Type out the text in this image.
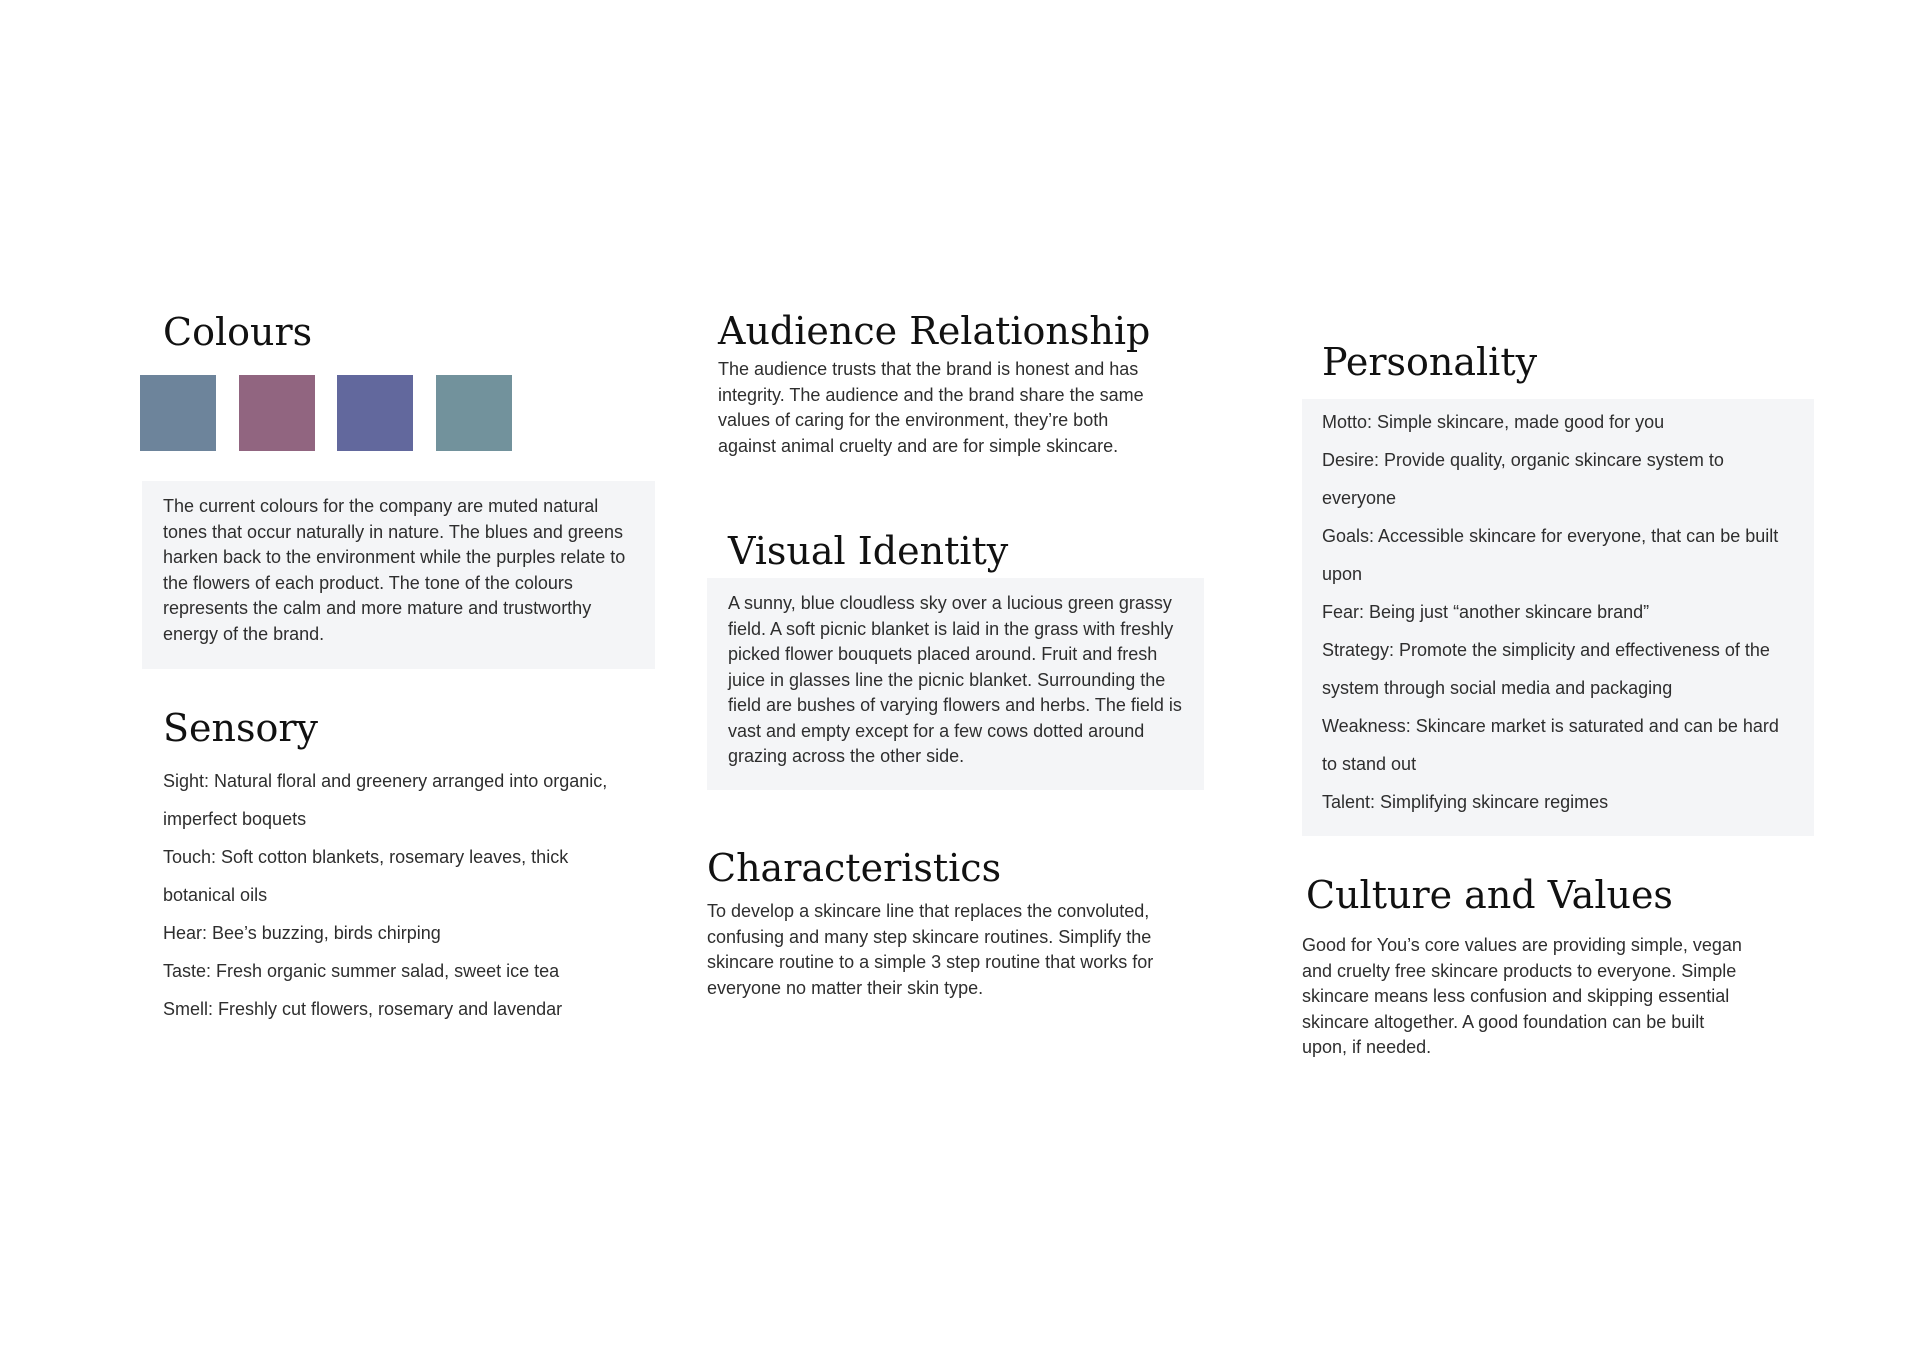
Colours

The current colours for the company are muted natural tones that occur naturally in nature. The blues and greens harken back to the environment while the purples relate to the flowers of each product. The tone of the colours represents the calm and more mature and trustworthy energy of the brand.

Sensory
Sight: Natural floral and greenery arranged into organic, imperfect boquets
Touch: Soft cotton blankets, rosemary leaves, thick botanical oils
Hear: Bee’s buzzing, birds chirping
Taste: Fresh organic summer salad, sweet ice tea
Smell: Freshly cut flowers, rosemary and lavendar
Audience Relationship

The audience trusts that the brand is honest and has integrity. The audience and the brand share the same values of caring for the environment, they’re both against animal cruelty and are for simple skincare.

Visual Identity

A sunny, blue cloudless sky over a lucious green grassy field. A soft picnic blanket is laid in the grass with freshly picked flower bouquets placed around. Fruit and fresh juice in glasses line the picnic blanket. Surrounding the field are bushes of varying flowers and herbs. The field is vast and empty except for a few cows dotted around grazing across the other side.

Characteristics

To develop a skincare line that replaces the convoluted, confusing and many step skincare routines. Simplify the skincare routine to a simple 3 step routine that works for everyone no matter their skin type.

Personality
Motto: Simple skincare, made good for you
Desire: Provide quality, organic skincare system to everyone
Goals: Accessible skincare for everyone, that can be built upon
Fear: Being just “another skincare brand”
Strategy: Promote the simplicity and effectiveness of the system through social media and packaging
Weakness: Skincare market is saturated and can be hard to stand out
Talent: Simplifying skincare regimes
Culture and Values

Good for You’s core values are providing simple, vegan and cruelty free skincare products to everyone. Simple skincare means less confusion and skipping essential skincare altogether. A good foundation can be built upon, if needed.
